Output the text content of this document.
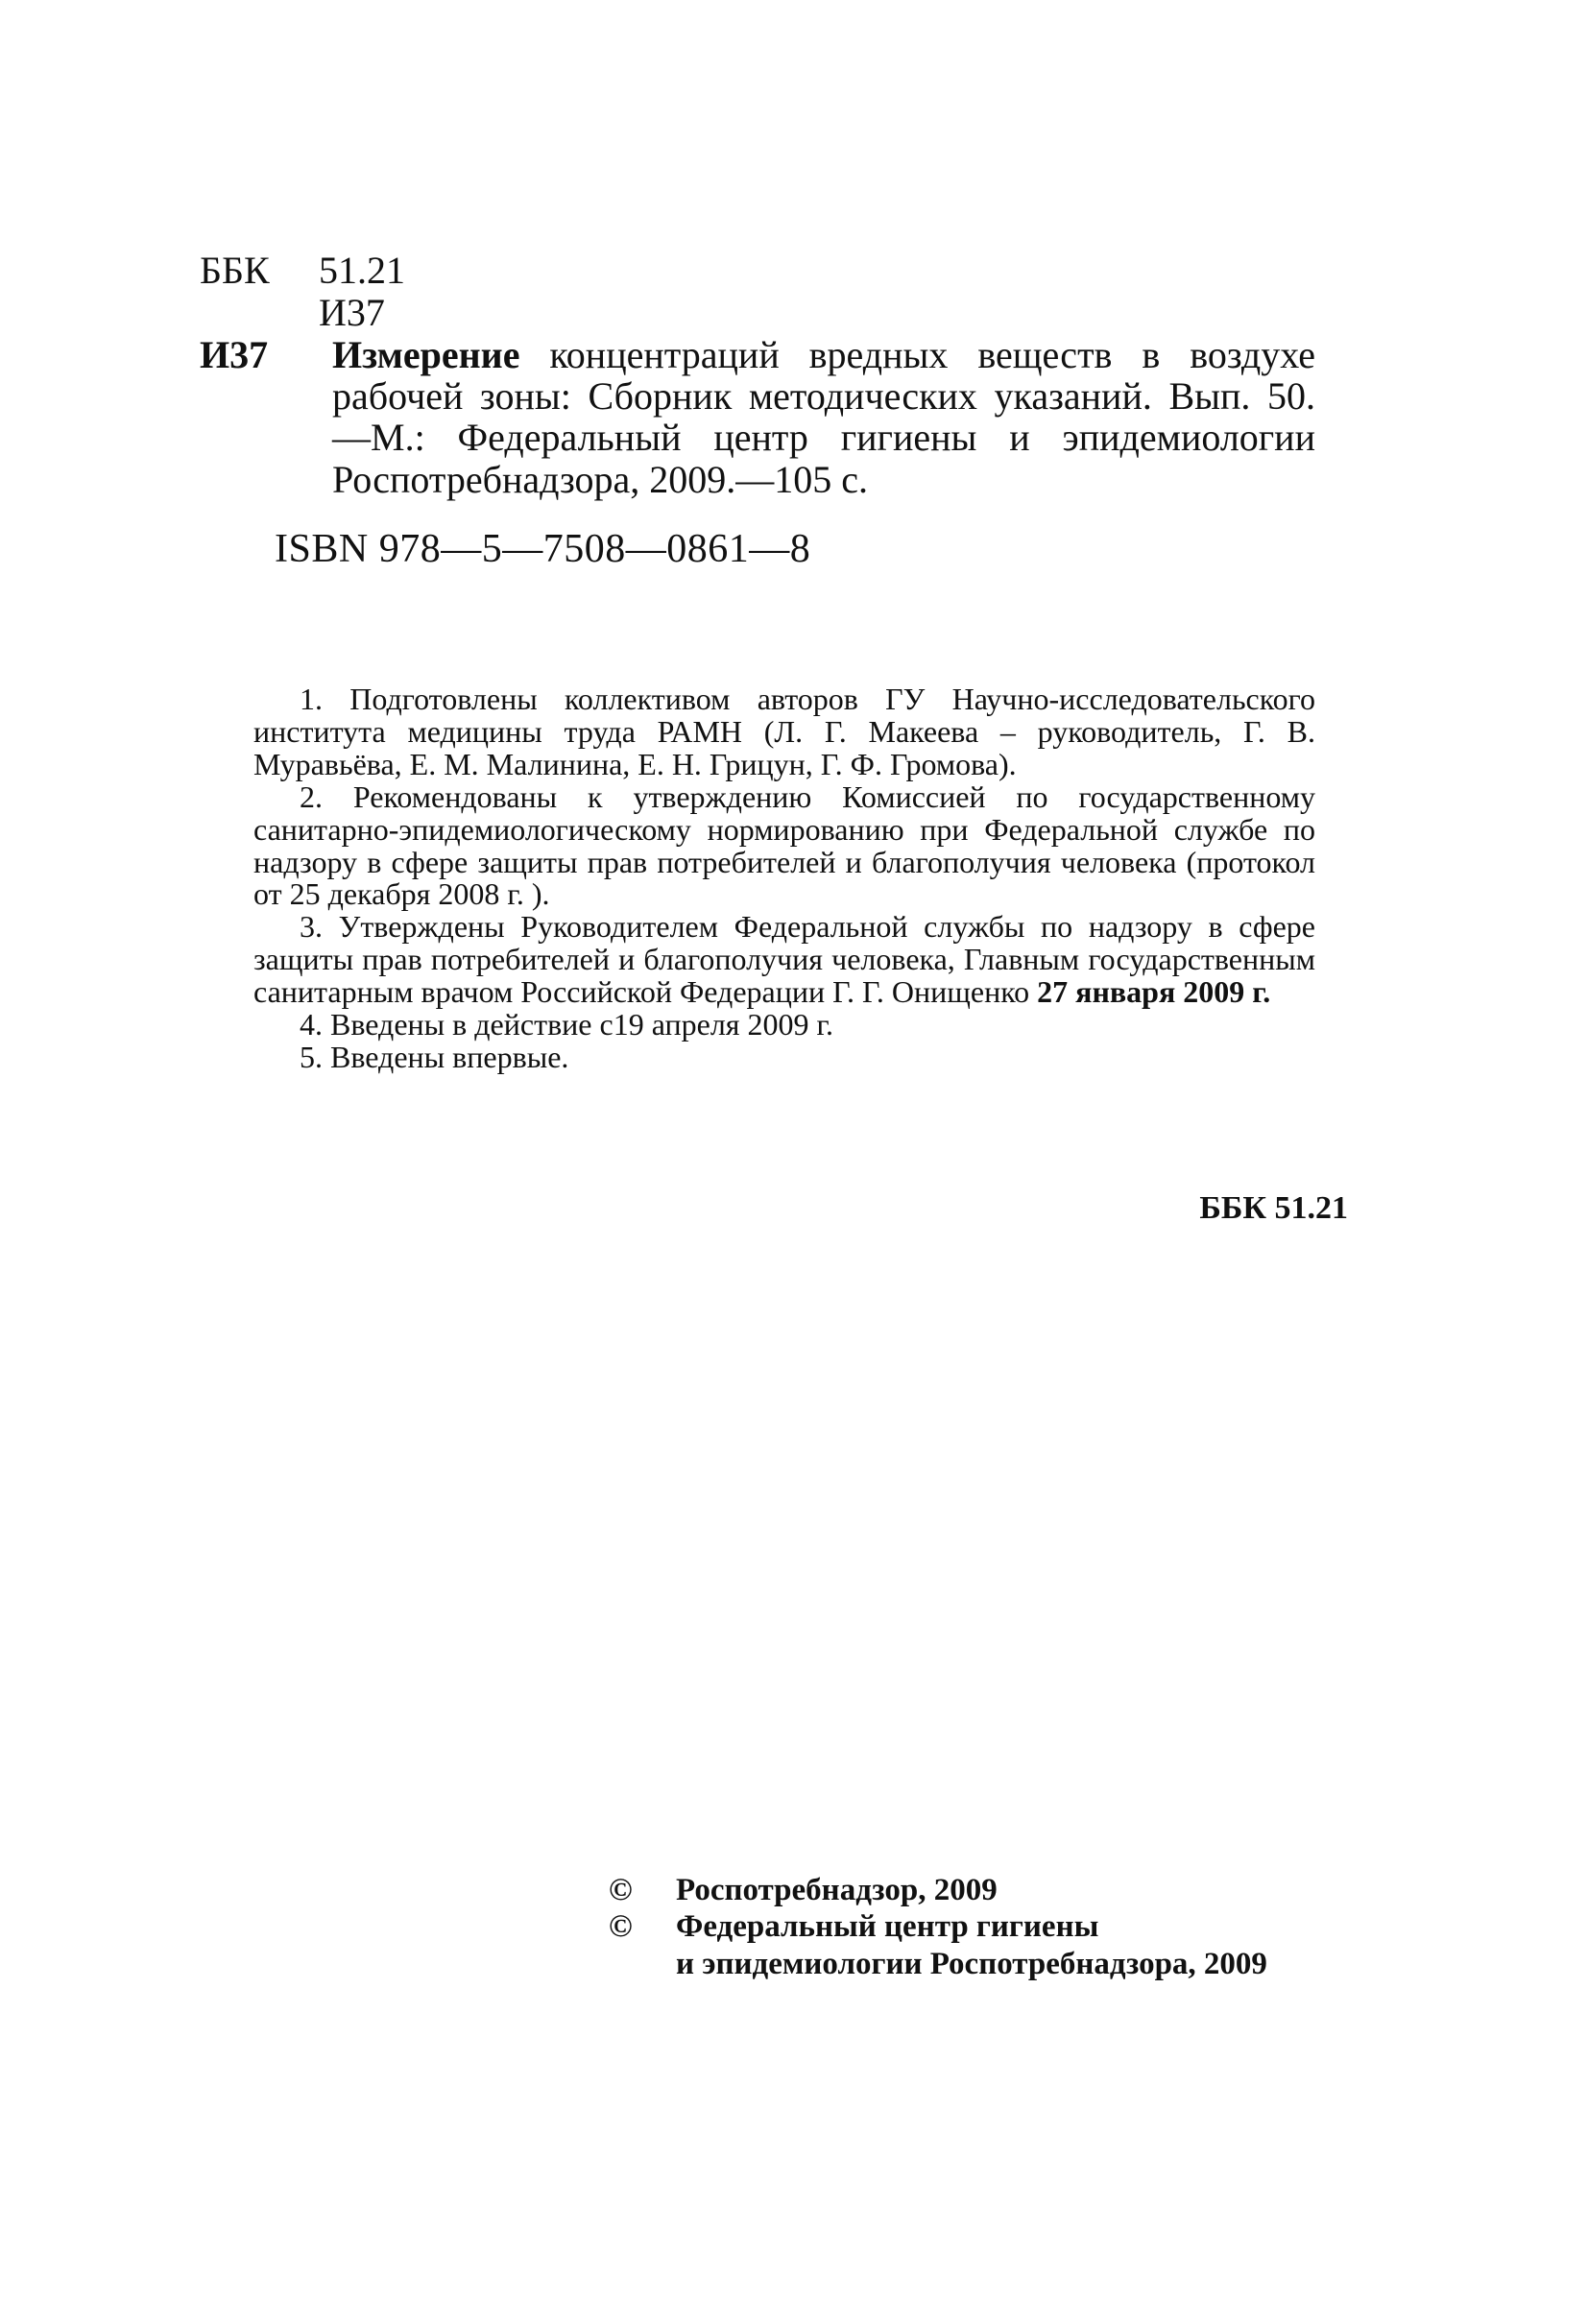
ББК 51.21
И37
И37 Измерение концентраций вредных веществ в воздухе рабочей зоны: Сборник методических указаний. Вып. 50. —М.: Федеральный центр гигиены и эпидемиологии Роспотребнадзора, 2009.—105 с.
ISBN 978—5—7508—0861—8

1. Подготовлены коллективом авторов ГУ Научно-исследовательского института медицины труда РАМН (Л. Г. Макеева – руководитель, Г. В. Муравьёва, Е. М. Малинина, Е. Н. Грицун, Г. Ф. Громова).

2. Рекомендованы к утверждению Комиссией по государственному санитарно-эпидемиологическому нормированию при Федеральной службе по надзору в сфере защиты прав потребителей и благополучия человека (протокол от 25 декабря 2008 г. ).

3. Утверждены Руководителем Федеральной службы по надзору в сфере защиты прав потребителей и благополучия человека, Главным государственным санитарным врачом Российской Федерации Г. Г. Онищенко 27 января 2009 г.

4. Введены в действие с19 апреля 2009 г.

5. Введены впервые.

ББК 51.21
© Роспотребнадзор, 2009
© Федеральный центр гигиены
и эпидемиологии Роспотребнадзора, 2009
